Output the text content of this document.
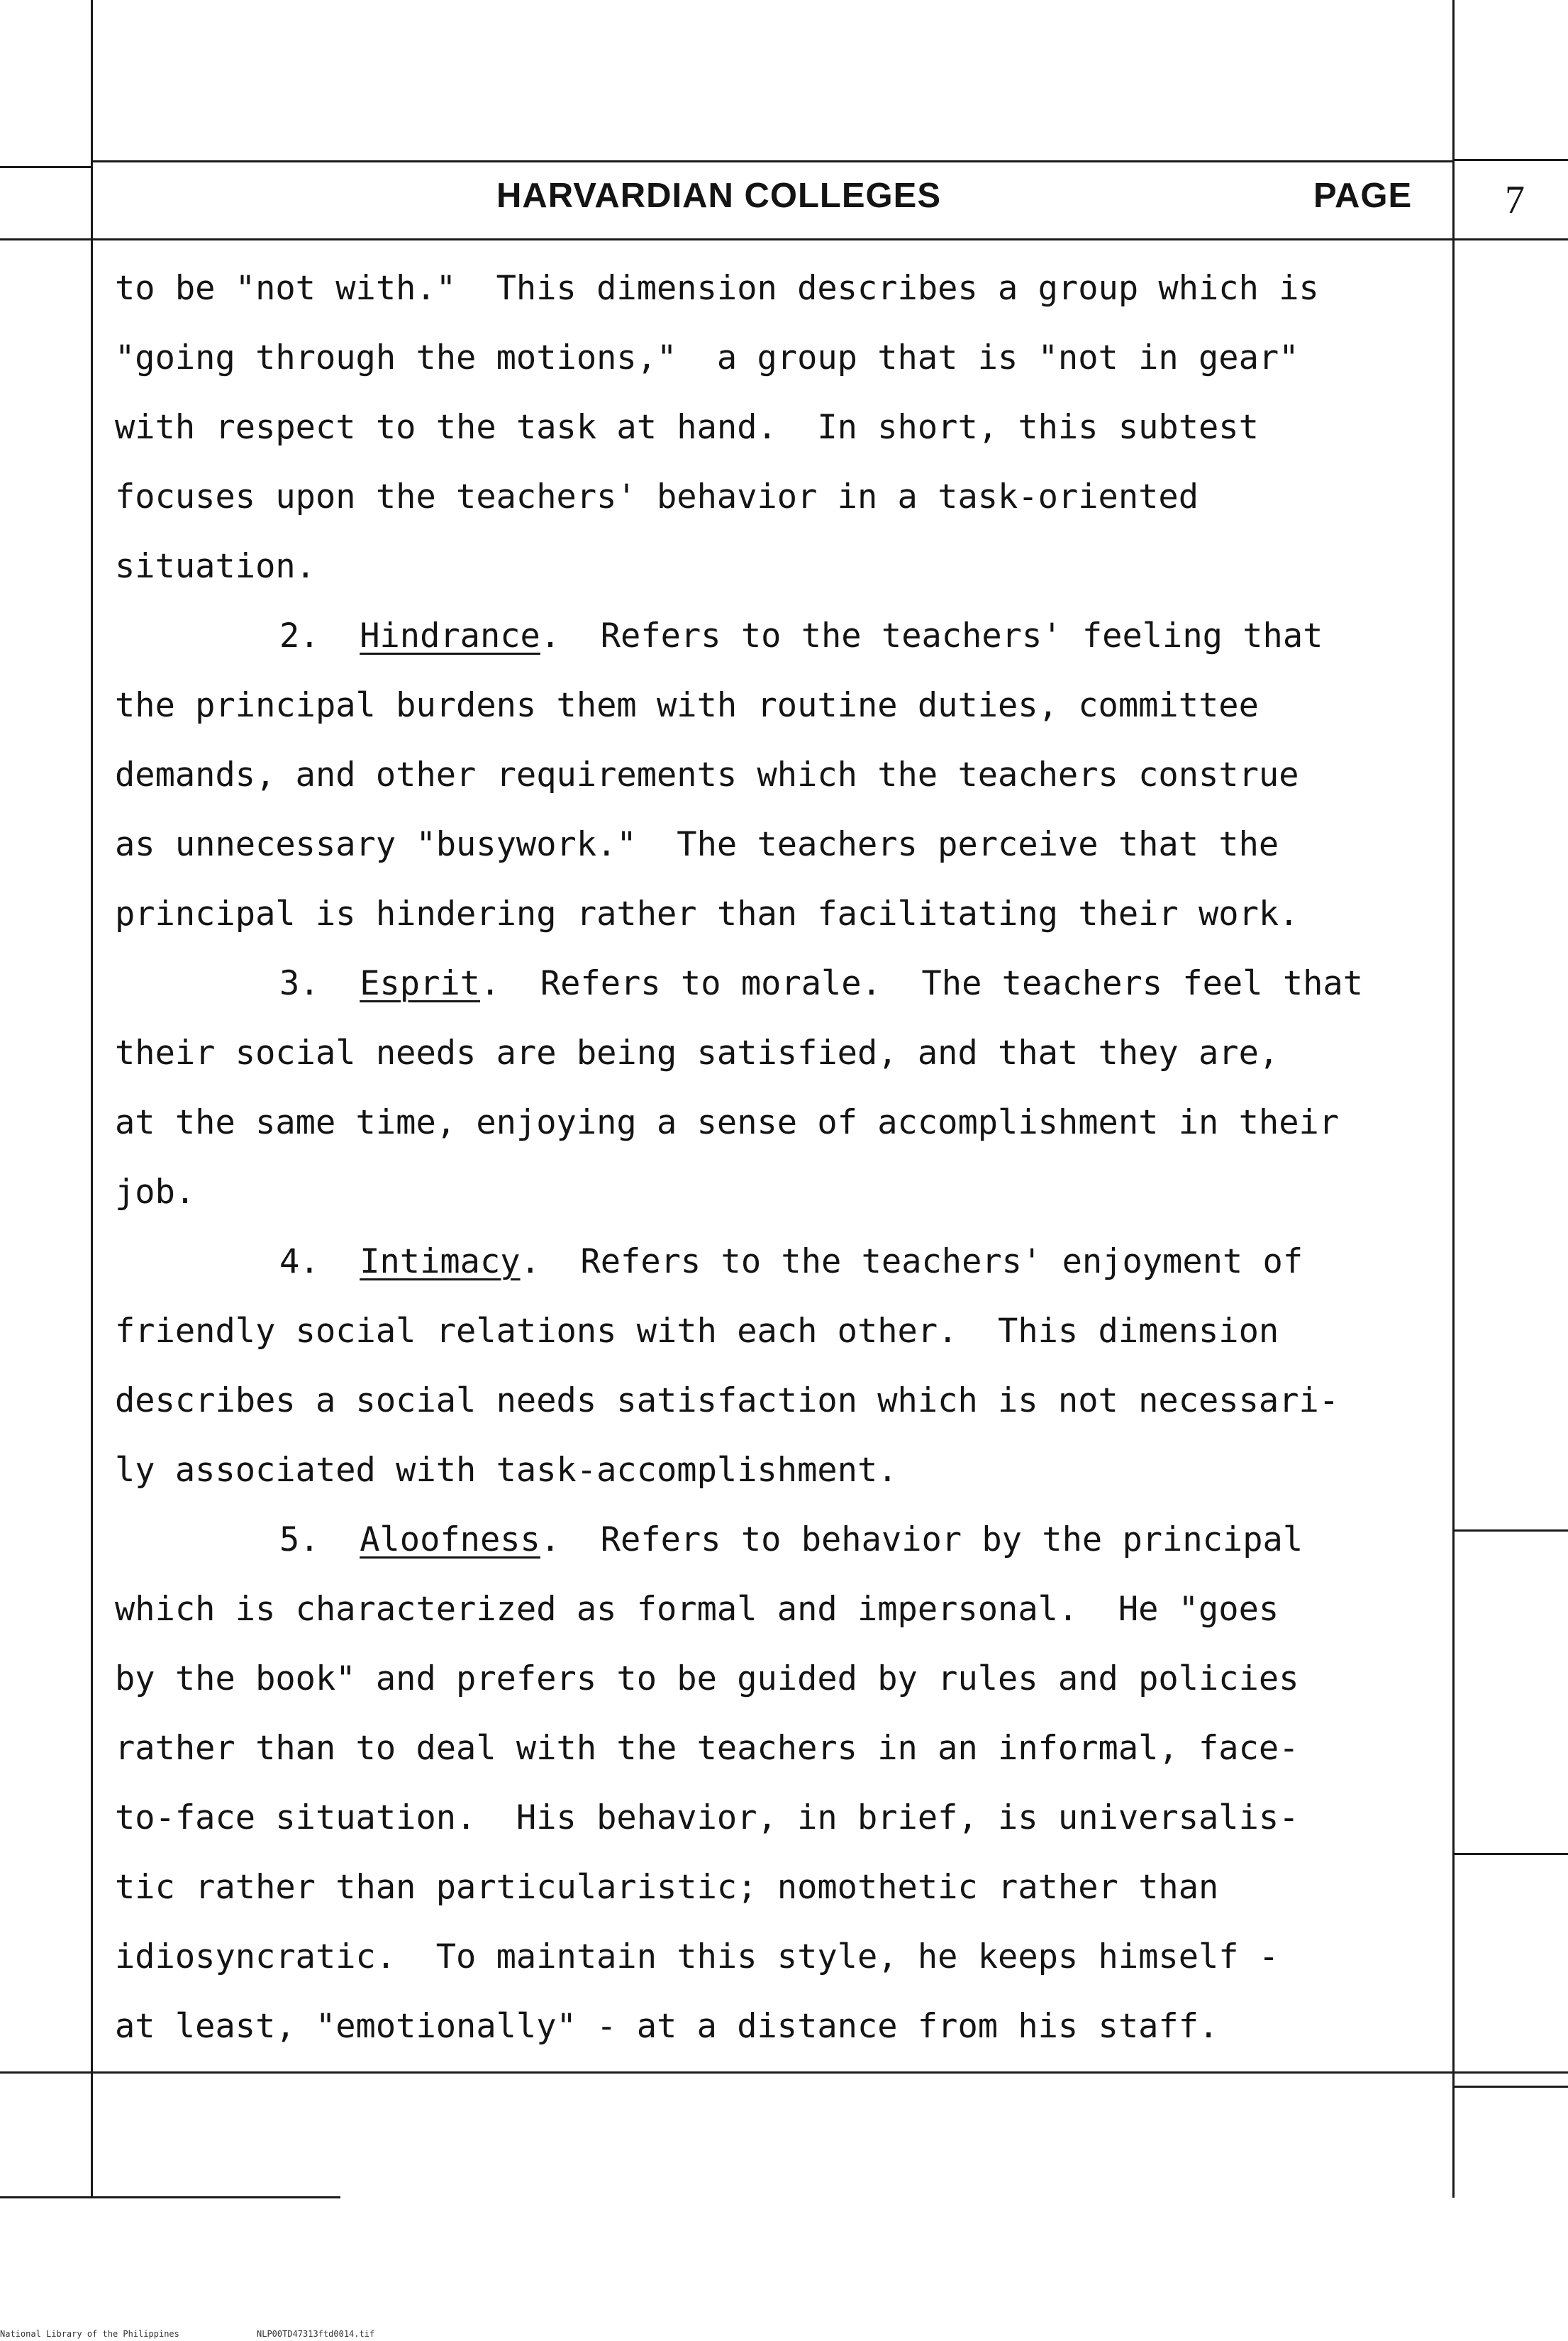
HARVARDIAN COLLEGES	PAGE 7
to be "not with."  This dimension describes a group which is
"going through the motions,"  a group that is "not in gear"
with respect to the task at hand.  In short, this subtest
focuses upon the teachers' behavior in a task-oriented
situation.
2. Hindrance.  Refers to the teachers' feeling that
the principal burdens them with routine duties, committee
demands, and other requirements which the teachers construe
as unnecessary "busywork."  The teachers perceive that the
principal is hindering rather than facilitating their work.
3. Esprit.  Refers to morale.  The teachers feel that
their social needs are being satisfied, and that they are,
at the same time, enjoying a sense of accomplishment in their
job.
4. Intimacy.  Refers to the teachers' enjoyment of
friendly social relations with each other.  This dimension
describes a social needs satisfaction which is not necessari-
ly associated with task-accomplishment.
5. Aloofness.  Refers to behavior by the principal
which is characterized as formal and impersonal.  He "goes
by the book" and prefers to be guided by rules and policies
rather than to deal with the teachers in an informal, face-
to-face situation.  His behavior, in brief, is universalis-
tic rather than particularistic; nomothetic rather than
idiosyncratic.  To maintain this style, he keeps himself -
at least, "emotionally" - at a distance from his staff.
National Library of the Philippines	NLP00TD47313ftd0014.tif
